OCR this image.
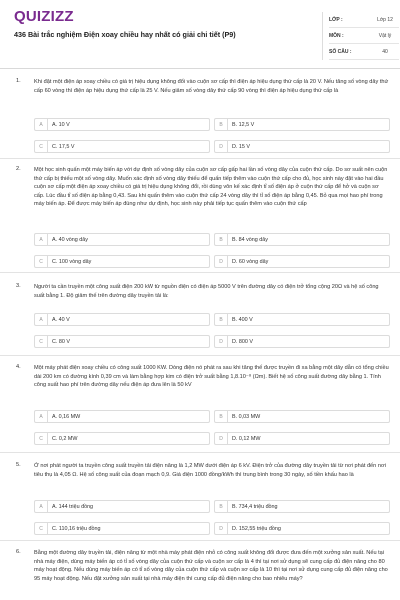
QUIZIZZ
436 Bài trắc nghiệm Điện xoay chiều hay nhất có giải chi tiết (P9)
LỚP :	Lớp 12
MÔN :	Vật lý
SỐ CÂU :	40
1. Khi đặt một điện áp xoay chiều có giá trị hiệu dụng không đổi vào cuộn sơ cấp thì điện áp hiệu dụng thứ cấp là 20 V. Nếu tăng số vòng dây thứ cấp 60 vòng thì điện áp hiệu dụng thứ cấp là 25 V. Nếu giảm số vòng dây thứ cấp 90 vòng thì điện áp hiệu dụng thứ cấp là
A	A. 10 V	B	B. 12,5 V
C	C. 17,5 V	D	D. 15 V
2. Một học sinh quấn một máy biến áp với dự định số vòng dây của cuộn sơ cấp gấp hai lần số vòng dây của cuộn thứ cấp. Do sơ suất nên cuộn thứ cấp bị thiếu một số vòng dây. Muốn xác định số vòng dây thiếu để quấn tiếp thêm vào cuộn thứ cấp cho đủ, học sinh này đặt vào hai đầu cuộn sơ cấp một điện áp xoay chiều có giá trị hiệu dụng không đổi, rồi dùng vôn kế xác định tỉ số điện áp ở cuộn thứ cấp để hở và cuộn sơ cấp. Lúc đầu tỉ số điện áp bằng 0,43. Sau khi quấn thêm vào cuộn thứ cấp 24 vòng dây thì tỉ số điện áp bằng 0,45. Bỏ qua mọi hao phí trong máy biến áp. Để được máy biến áp đúng như dự định, học sinh này phải tiếp tục quấn thêm vào cuộn thứ cấp
A	A. 40 vòng dây	B	B. 84 vòng dây
C	C. 100 vòng dây	D	D. 60 vòng dây
3. Người ta cần truyền một công suất điện 200 kW từ nguồn điện có điện áp 5000 V trên đường dây có điện trở tổng cộng 20Ω và hệ số công suất bằng 1. Độ giảm thế trên đường dây truyền tải là:
A	A. 40 V	B	B. 400 V
C	C. 80 V	D	D. 800 V
4. Một máy phát điện xoay chiều có công suất 1000 KW. Dòng điện nó phát ra sau khi tăng thế được truyền đi xa bằng một dây dẫn có tổng chiều dài 200 km có đường kính 0,39 cm và làm bằng hợp kim có điện trở suất bằng 1,8.10⁻⁸ (Ωm). Biết hệ số công suất đường dây bằng 1. Tính công suất hao phí trên đường dây nếu điện áp đưa lên là 50 kV
A	A. 0,16 MW	B	B. 0,03 MW
C	C. 0,2 MW	D	D. 0,12 MW
5. Ở nơi phát người ta truyền công suất truyền tải điện năng là 1,2 MW dưới điện áp 6 kV. Điện trở của đường dây truyền tải từ nơi phát đến nơi tiêu thụ là 4,05 Ω. Hệ số công suất của đoạn mạch 0,9. Giá điện 1000 đồng/kWh thì trung bình trong 30 ngày, số tiền khấu hao là
A	A. 144 triệu đồng	B	B. 734,4 triệu đồng
C	C. 110,16 triệu đồng	D	D. 152,55 triệu đồng
6. Bằng một đường dây truyền tải, điện năng từ một nhà máy phát điện nhỏ có công suất không đổi được đưa đến một xưởng sản xuất. Nếu tại nhà máy điện, dùng máy biến áp có tỉ số vòng dây của cuộn thứ cấp và cuộn sơ cấp là 4 thì tại nơi sử dụng sẽ cung cấp đủ điện năng cho 80 máy hoạt động. Nếu dùng máy biến áp có tỉ số vòng dây của cuộn thứ cấp và cuộn sơ cấp là 10 thì tại nơi sử dụng cung cấp đủ điện năng cho 95 máy hoạt động. Nếu đặt xưởng sản xuất tại nhà máy điện thì cung cấp đủ điện năng cho bao nhiêu máy?
